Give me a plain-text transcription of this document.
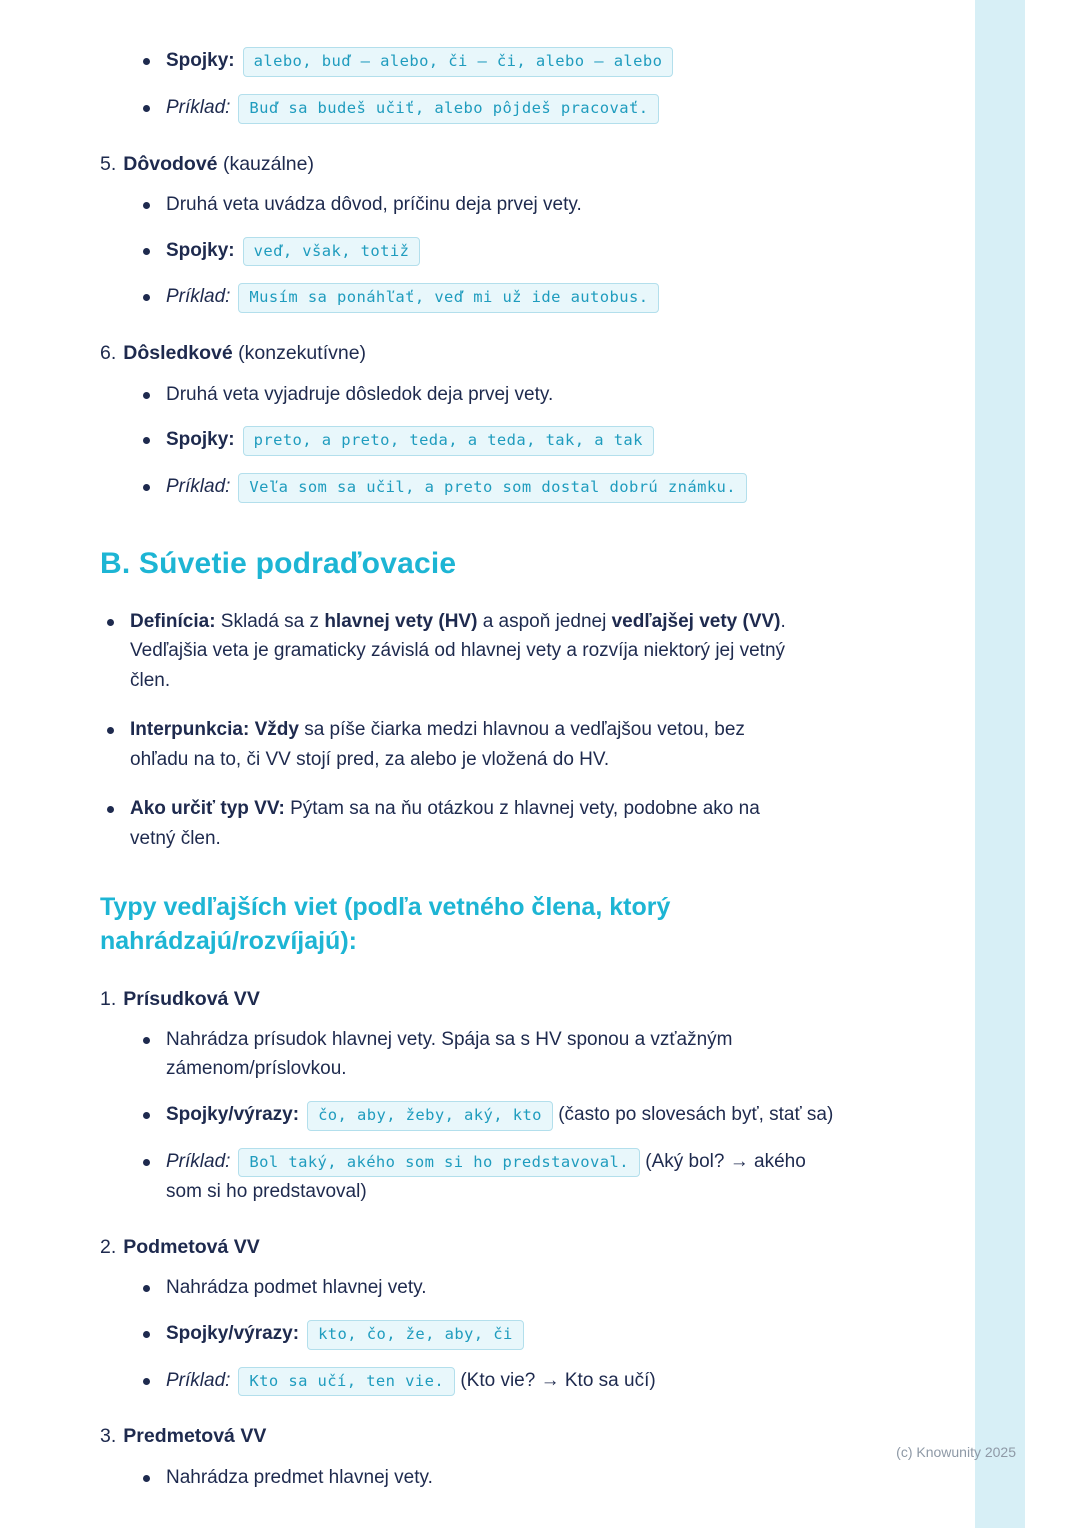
Spojky: alebo, buď – alebo, či – či, alebo – alebo
Príklad: Buď sa budeš učiť, alebo pôjdeš pracovať.
5. Dôvodové (kauzálne)
Druhá veta uvádza dôvod, príčinu deja prvej vety.
Spojky: veď, však, totiž
Príklad: Musím sa ponáhľať, veď mi už ide autobus.
6. Dôsledkové (konzekutívne)
Druhá veta vyjadruje dôsledok deja prvej vety.
Spojky: preto, a preto, teda, a teda, tak, a tak
Príklad: Veľa som sa učil, a preto som dostal dobrú známku.
B. Súvetie podraďovacie
Definícia: Skladá sa z hlavnej vety (HV) a aspoň jednej vedľajšej vety (VV). Vedľajšia veta je gramaticky závislá od hlavnej vety a rozvíja niektorý jej vetný člen.
Interpunkcia: Vždy sa píše čiarka medzi hlavnou a vedľajšou vetou, bez ohľadu na to, či VV stojí pred, za alebo je vložená do HV.
Ako určiť typ VV: Pýtam sa na ňu otázkou z hlavnej vety, podobne ako na vetný člen.
Typy vedľajších viet (podľa vetného člena, ktorý nahrádzajú/rozvíjajú):
1. Prísudková VV
Nahrádza prísudok hlavnej vety. Spája sa s HV sponou a vzťažným zámenom/príslovkou.
Spojky/výrazy: čo, aby, žeby, aký, kto (často po slovesách byť, stať sa)
Príklad: Bol taký, akého som si ho predstavoval. (Aký bol? → akého som si ho predstavoval)
2. Podmetová VV
Nahrádza podmet hlavnej vety.
Spojky/výrazy: kto, čo, že, aby, či
Príklad: Kto sa učí, ten vie. (Kto vie? → Kto sa učí)
3. Predmetová VV
Nahrádza predmet hlavnej vety.
(c) Knowunity 2025
